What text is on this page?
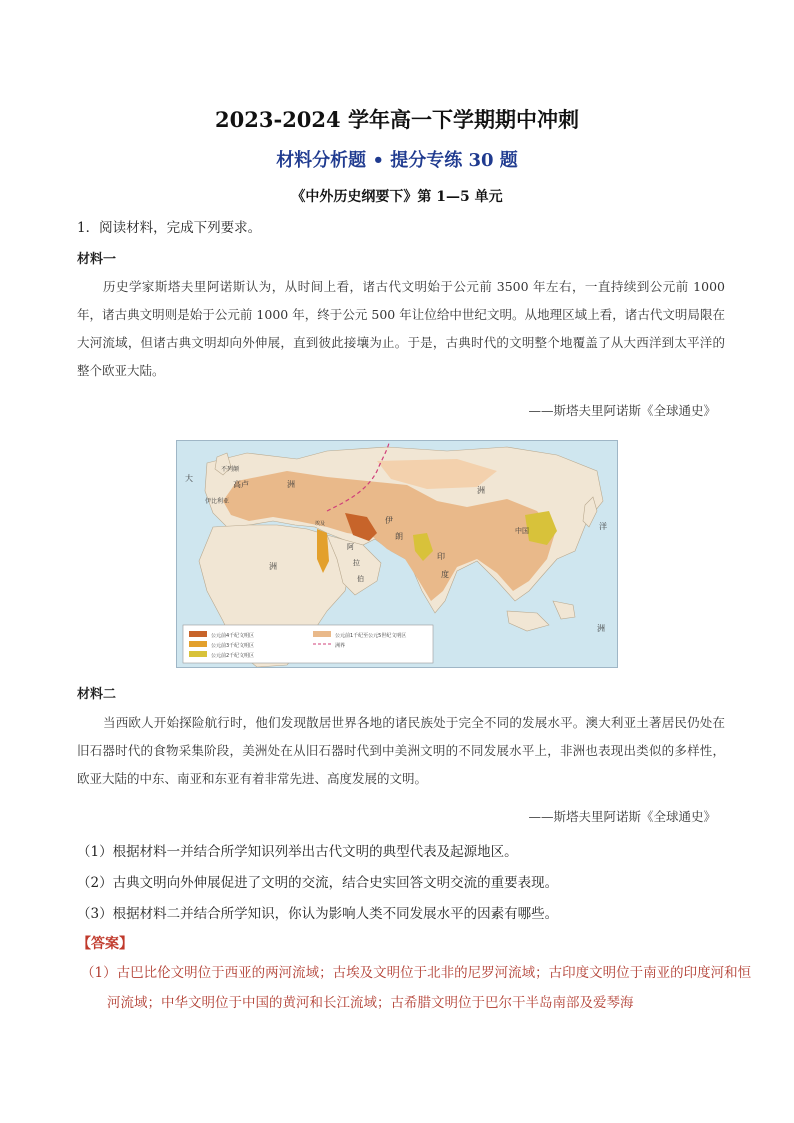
2023-2024 学年高一下学期期中冲刺
材料分析题 • 提分专练 30 题
《中外历史纲要下》第 1—5 单元
1．阅读材料，完成下列要求。
材料一
历史学家斯塔夫里阿诺斯认为，从时间上看，诸古代文明始于公元前 3500 年左右，一直持续到公元前 1000 年，诸古典文明则是始于公元前 1000 年，终于公元 500 年让位给中世纪文明。从地理区域上看，诸古代文明局限在大河流域，但诸古典文明却向外伸展，直到彼此接壤为止。于是，古典时代的文明整个地覆盖了从大西洋到太平洋的整个欧亚大陆。
——斯塔夫里阿诺斯《全球通史》
公元前4千纪文明区
公元前3千纪文明区
公元前2千纪文明区
公元前1千纪至公元5世纪文明区
洲界
不列颠
高卢
伊比利亚
大
洲
埃及
阿
拉
伯
伊
朗
印
度
中国
洲
洲
洋
洲
材料二
当西欧人开始探险航行时，他们发现散居世界各地的诸民族处于完全不同的发展水平。澳大利亚土著居民仍处在旧石器时代的食物采集阶段，美洲处在从旧石器时代到中美洲文明的不同发展水平上，非洲也表现出类似的多样性，欧亚大陆的中东、南亚和东亚有着非常先进、高度发展的文明。
——斯塔夫里阿诺斯《全球通史》
（1）根据材料一并结合所学知识列举出古代文明的典型代表及起源地区。
（2）古典文明向外伸展促进了文明的交流，结合史实回答文明交流的重要表现。
（3）根据材料二并结合所学知识，你认为影响人类不同发展水平的因素有哪些。
【答案】
（1）古巴比伦文明位于西亚的两河流域；古埃及文明位于北非的尼罗河流域；古印度文明位于南亚的印度河和恒河流域；中华文明位于中国的黄河和长江流域；古希腊文明位于巴尔干半岛南部及爱琴海
